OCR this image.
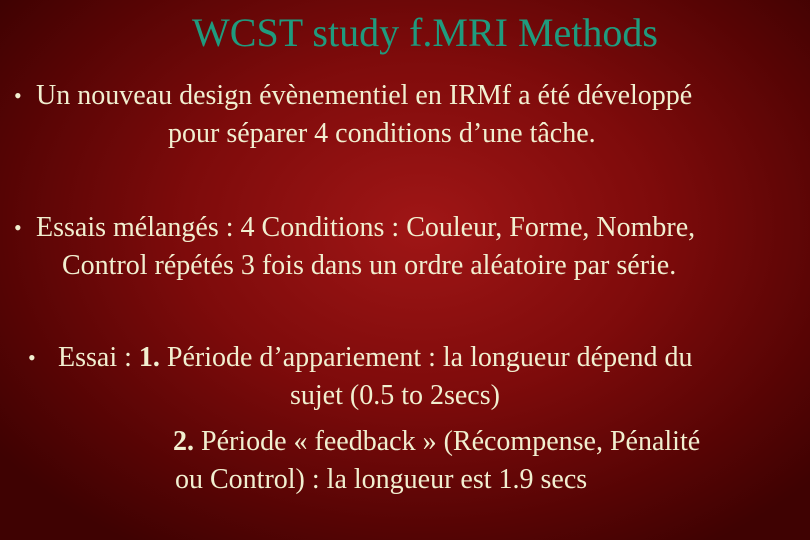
WCST study f.MRI Methods
• Un nouveau design évènementiel en IRMf a été développé

pour séparer 4 conditions d’une tâche.

• Essais mélangés : 4 Conditions : Couleur, Forme, Nombre,

Control répétés 3 fois dans un ordre aléatoire par série.

• Essai : 1. Période d’appariement : la longueur dépend du

sujet (0.5 to 2secs)

2. Période « feedback » (Récompense, Pénalité

ou Control) : la longueur est 1.9 secs
